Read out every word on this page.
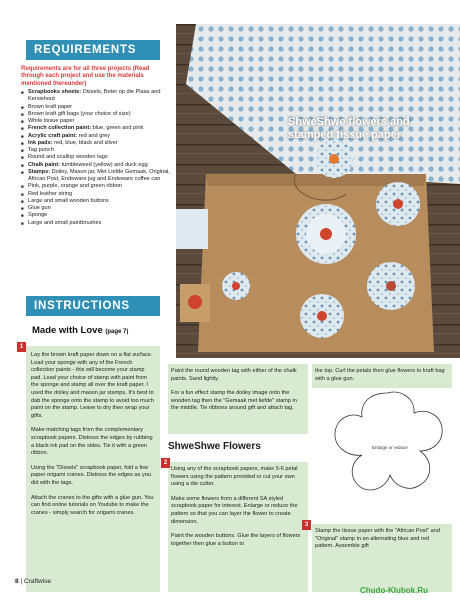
REQUIREMENTS
Requirements are for all three projects (Read through each project and use the materials mentioned thereunder)
■ Scrapbooks sheets: Dissels, Beter op die Plaas and Kersiehout
■ Brown kraft paper
■ Brown kraft gift bags (your choice of size)
■ White tissue paper
■ French collection paint: blue, green and pink
■ Acrylic craft paint: red and grey
■ Ink pads: red, blue, black and silver
■ Tag punch
■ Round and scallop wooden tags
■ Chalk paint: tumbleweed (yellow) and duck egg
■ Stamps: Doiley, Mason jar, Met Liefde Gemaak, Original, African Post, Endeware jug and Endeware coffee can
■ Pink, purple, orange and green ribbon
■ Red leather string
■ Large and small wooden buttons
■ Glue gun
■ Sponge
■ Large and small paintbrushes
ShweShwe flowers and stamped tissue paper
INSTRUCTIONS
Made with Love (page 7)
1

Lay the brown kraft paper down on a flat surface. Load your sponge with any of the French collection paints - this will become your stamp pad. Load your choice of stamp with paint from the sponge and stamp all over the kraft paper. I used the doiley and mason jar stamps. It's best to dab the sponge onto the stamp to avoid too much paint on the stamp. Leave to dry then wrap your gifts.

Make matching tags from the complementary scrapbook papers. Distress the edges by rubbing a black ink pad on the sides. Tie it with a green ribbon.

Using the "Dissels" scrapbook paper, fold a few paper origami cranes. Distress the edges as you did with the tags.

Attach the cranes to the gifts with a glue gun. You can find online tutorials on Youtube to make the cranes - simply search for origami cranes.

Paint the round wooden tag with either of the chalk paints. Sand lightly.

For a fun effect stamp the doiley image onto the wooden tag then the "Gemaak met liefde" stamp in the middle. Tie ribbons around gift and attach tag.

ShweShwe Flowers
2

Using any of the scrapbook papers, make 5-6 petal flowers using the pattern provided or cut your own using a die cutter.

Make some flowers from a different SA styled scrapbook paper for interest. Enlarge or reduce the pattern so that you can layer the flower to create dimension.

Paint the wooden buttons. Glue the layers of flowers together then glue a button to

the top. Curl the petals then glue flowers to kraft bag with a glue gun.
Enlarge or reduce
3
Stamp the tissue paper with the "African Post" and "Original" stamp in an alternating blue and red pattern. Assemble gift
8 | Craftwise
Chudo-Klubok.Ru
